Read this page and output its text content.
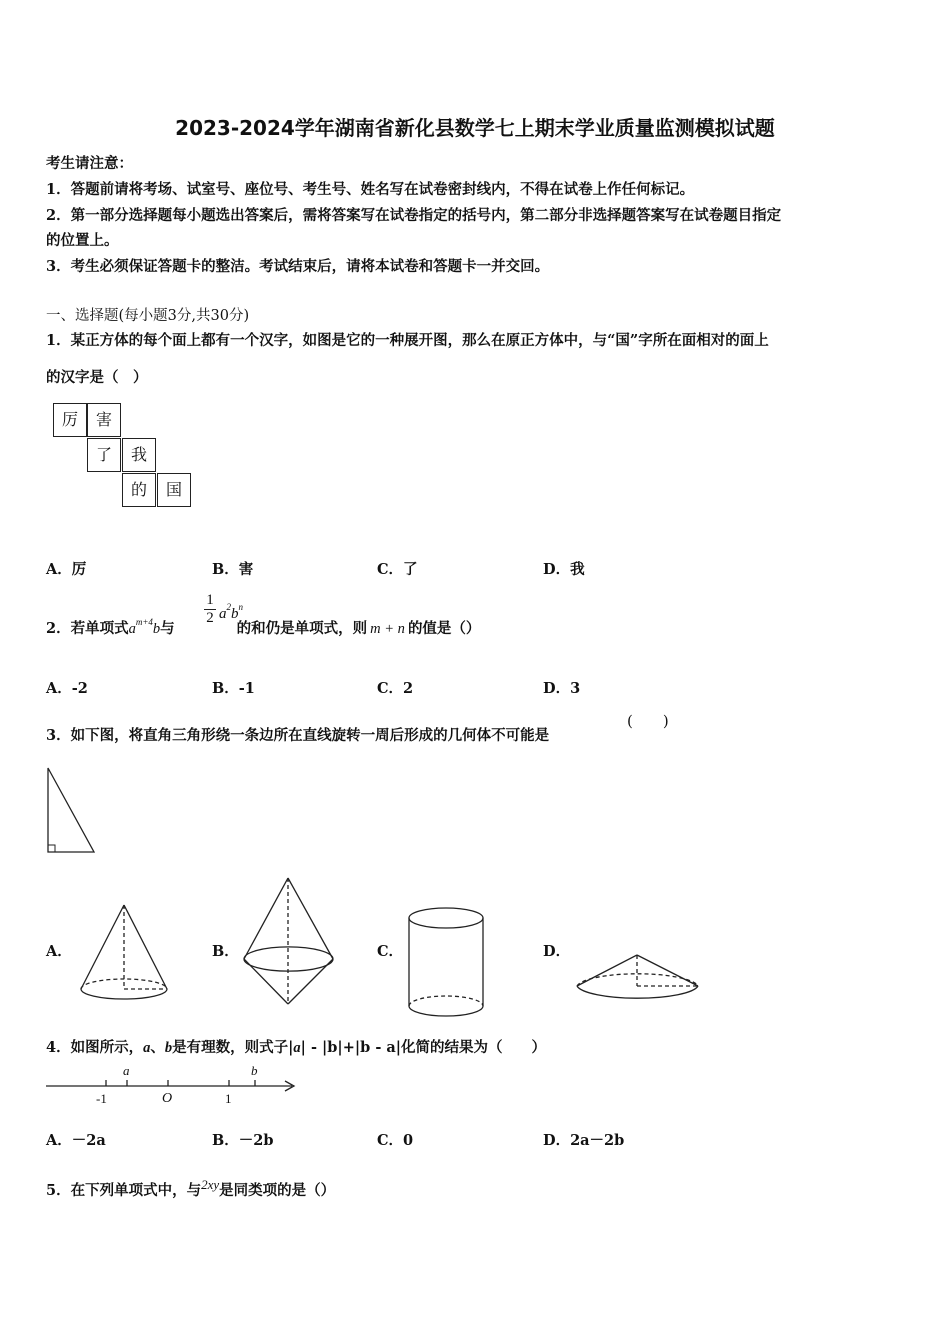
2023-2024学年湖南省新化县数学七上期末学业质量监测模拟试题
考生请注意：
1．答题前请将考场、试室号、座位号、考生号、姓名写在试卷密封线内，不得在试卷上作任何标记。
2．第一部分选择题每小题选出答案后，需将答案写在试卷指定的括号内，第二部分非选择题答案写在试卷题目指定
的位置上。
3．考生必须保证答题卡的整洁。考试结束后，请将本试卷和答题卡一并交回。
一、选择题(每小题3分,共30分)
1．某正方体的每个面上都有一个汉字，如图是它的一种展开图，那么在原正方体中，与“国”字所在面相对的面上
的汉字是（　）
厉	害
了	我
的	国
A．厉	B．害	C．了	D．我
2．若单项式$a^{m+4}b$与	的和仍是单项式，则 m + n 的值是（）
1
2 $a^2b^n$
A．-2	B．-1	C．2	D．3
3．如下图，将直角三角形绕一条边所在直线旋转一周后形成的几何体不可能是
(　　)
A．	B．	C．	D．
4．如图所示，a、b是有理数，则式子|a| - |b|+|b - a|化简的结果为（　　）
-1	O	1
a	b
A．－2a	B．－2b	C．0	D．2a－2b
5．在下列单项式中，与2xy是同类项的是（）
